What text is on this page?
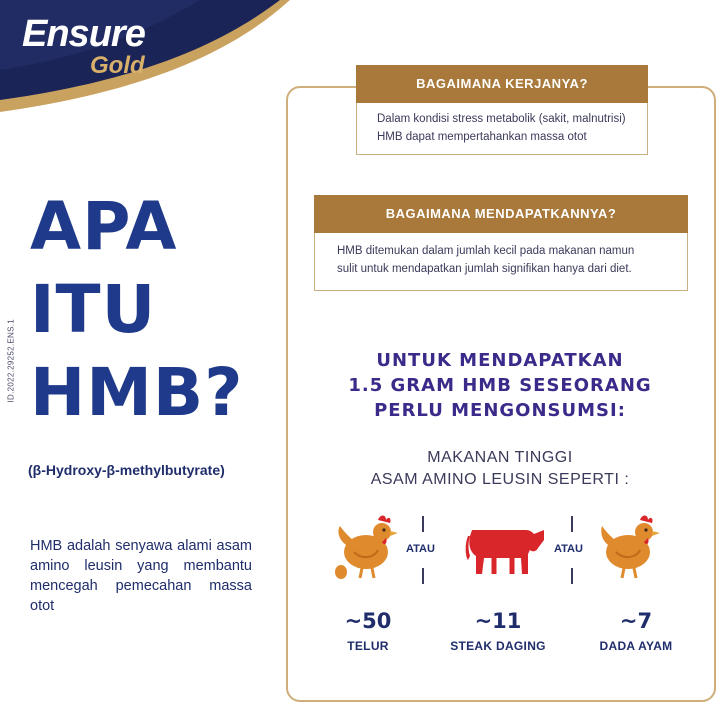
Ensure
Gold
ID.2022.29252.ENS.1
APA
ITU
HMB?
(β-Hydroxy-β-methylbutyrate)
HMB adalah senyawa alami asam amino leusin yang membantu mencegah pemecahan massa otot
BAGAIMANA KERJANYA?
Dalam kondisi stress metabolik (sakit, malnutrisi)
HMB dapat mempertahankan massa otot
BAGAIMANA MENDAPATKANNYA?
HMB ditemukan dalam jumlah kecil pada makanan namun
sulit untuk mendapatkan jumlah signifikan hanya dari diet.
UNTUK MENDAPATKAN
1.5 GRAM HMB SESEORANG
PERLU MENGONSUMSI:
MAKANAN TINGGI
ASAM AMINO LEUSIN SEPERTI :
ATAU	ATAU
~50
TELUR
~11
STEAK DAGING
~7
DADA AYAM
